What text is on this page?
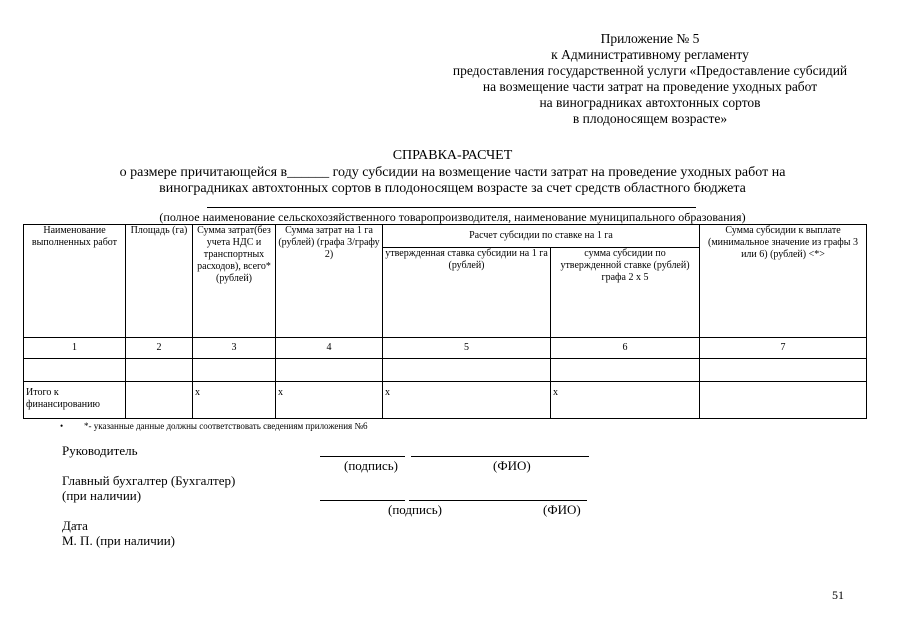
Приложение № 5
к Административному регламенту
предоставления государственной услуги «Предоставление субсидий
на возмещение части затрат на проведение уходных работ
на виноградниках автохтонных сортов
в плодоносящем возрасте»
СПРАВКА-РАСЧЕТ
о размере причитающейся в______ году субсидии на возмещение части затрат на проведение уходных работ на
виноградниках автохтонных сортов в плодоносящем возрасте за счет средств областного бюджета
(полное наименование сельскохозяйственного товаропроизводителя, наименование муниципального образования)
Наименование выполненных работ	Площадь (га)	Сумма затрат(без учета НДС и транспортных расходов), всего* (рублей)	Сумма затрат на 1 га (рублей) (графа 3/графу 2)	Расчет субсидии по ставке на 1 га		Сумма субсидии к выплате (минимальное значение из графы 3 или 6) (рублей) <*>
				утвержденная ставка субсидии на 1 га (рублей)	сумма субсидии по утвержденной ставке (рублей) графа 2 х 5	
1	2	3	4	5	6	7

Итого к финансированию		x	x	x	x	
• *- указанные данные должны соответствовать сведениям приложения №6
Руководитель
(подпись)	(ФИО)
Главный бухгалтер (Бухгалтер)
(при наличии)
(подпись)	(ФИО)
Дата
М. П. (при наличии)
51
